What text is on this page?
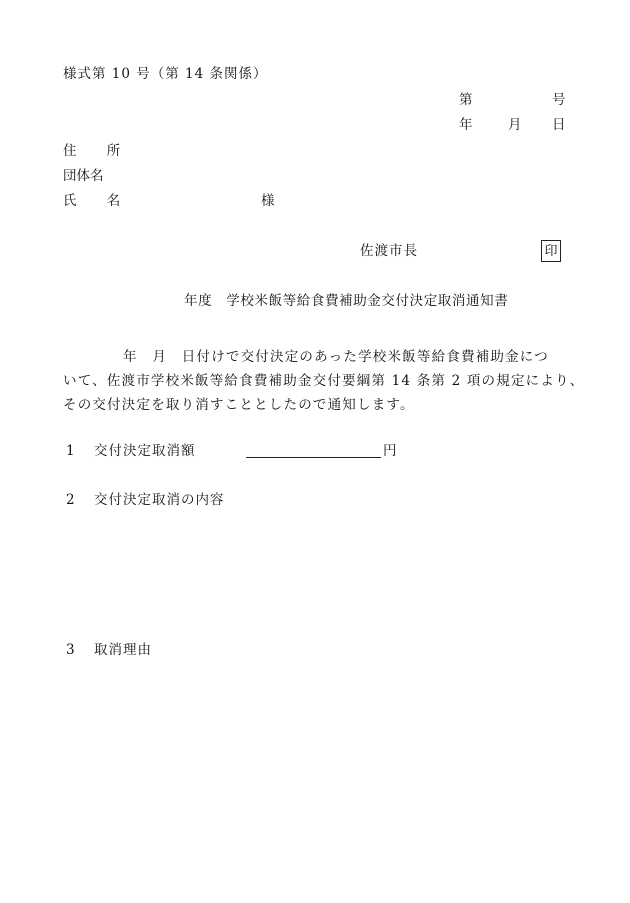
様式第 10 号（第 14 条関係）
第	号
年	月 日
住 所
団体名
氏 名	様
佐渡市長	印
年度　学校米飯等給食費補助金交付決定取消通知書
年　月　日付けで交付決定のあった学校米飯等給食費補助金につ
いて、佐渡市学校米飯等給食費補助金交付要綱第 14 条第 2 項の規定により、
その交付決定を取り消すこととしたので通知します。
1 交付決定取消額	円
2 交付決定取消の内容
3 取消理由
